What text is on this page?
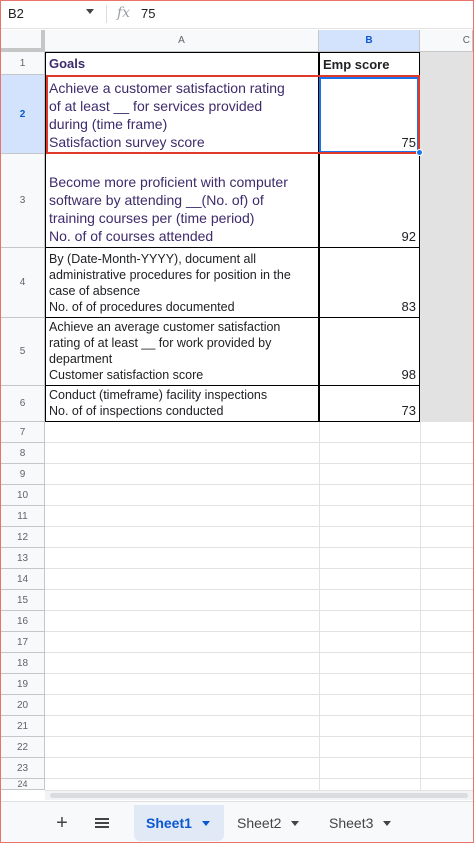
B2	fx 75
A	B	C
1
2
3
4
5
6
7
8
9
10
11
12
13
14
15
16
17
18
19
20
21
22
23
24
Goals	Emp score
Achieve a customer satisfaction rating
of at least __ for services provided
during (time frame)
Satisfaction survey score	75
Become more proficient with computer
software by attending __(No. of) of
training courses per (time period)
No. of of courses attended	92
By (Date-Month-YYYY), document all
administrative procedures for position in the
case of absence
No. of of procedures documented	83
Achieve an average customer satisfaction
rating of at least __ for work provided by
department
Customer satisfaction score	98
Conduct (timeframe) facility inspections
No. of of inspections conducted	73
+	Sheet1	Sheet2	Sheet3
